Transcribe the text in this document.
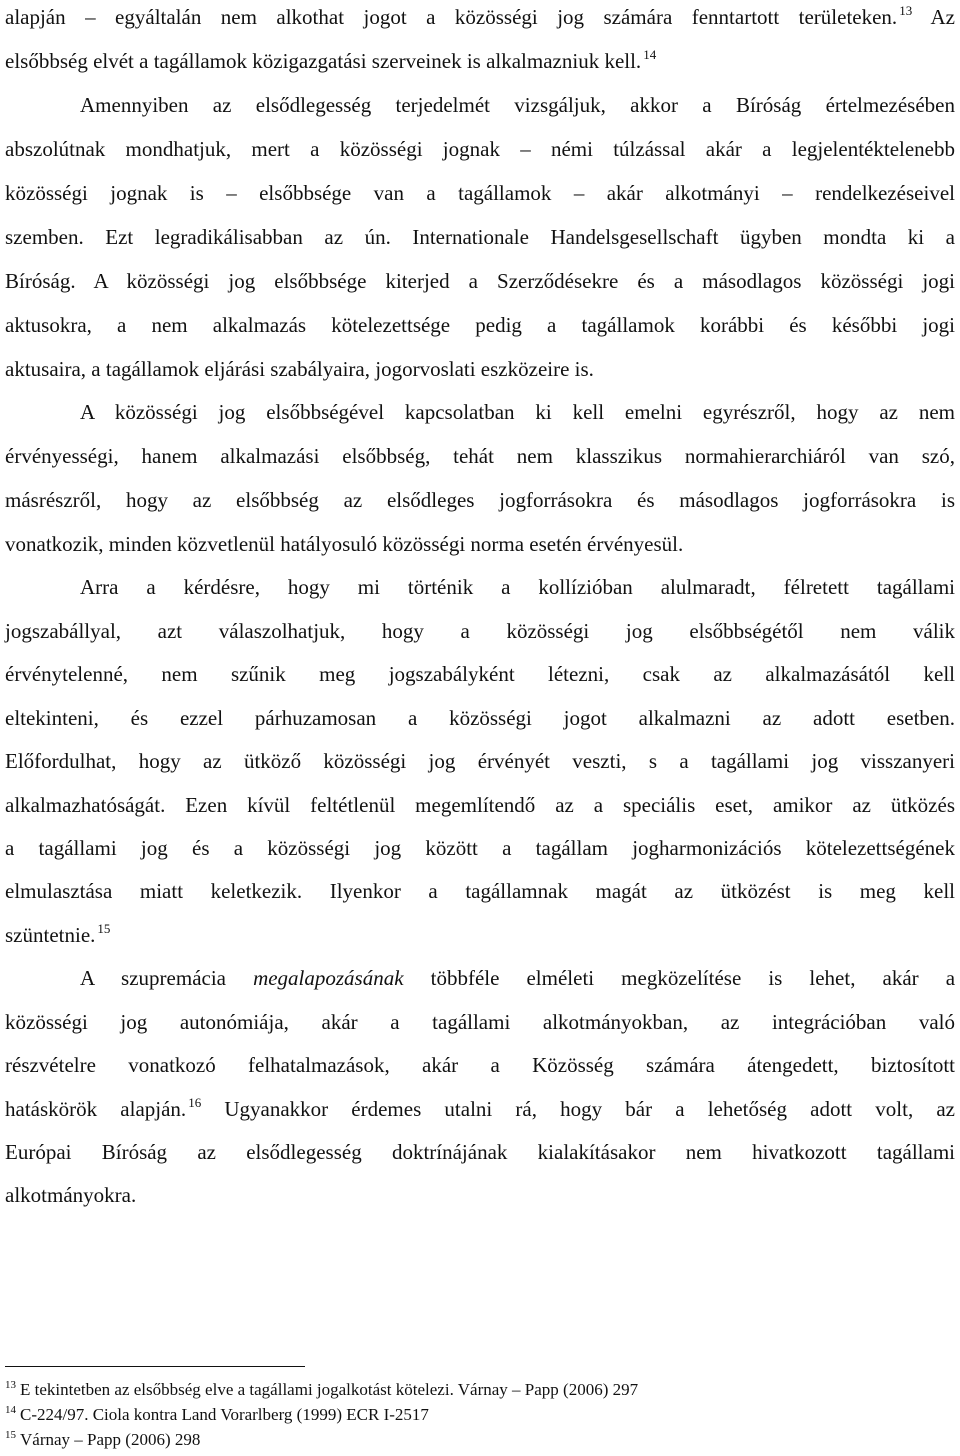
alapján – egyáltalán nem alkothat jogot a közösségi jog számára fenntartott területeken. $^{13}$ Az
elsőbbség elvét a tagállamok közigazgatási szerveinek is alkalmazniuk kell. $^{14}$
Amennyiben az elsődlegesség terjedelmét vizsgáljuk, akkor a Bíróság értelmezésében
abszolútnak mondhatjuk, mert a közösségi jognak – némi túlzással akár a legjelentéktelenebb
közösségi jognak is – elsőbbsége van a tagállamok – akár alkotmányi – rendelkezéseivel
szemben. Ezt legradikálisabban az ún. Internationale Handelsgesellschaft ügyben mondta ki a
Bíróság. A közösségi jog elsőbbsége kiterjed a Szerződésekre és a másodlagos közösségi jogi
aktusokra, a nem alkalmazás kötelezettsége pedig a tagállamok korábbi és későbbi jogi
aktusaira, a tagállamok eljárási szabályaira, jogorvoslati eszközeire is.
A közösségi jog elsőbbségével kapcsolatban ki kell emelni egyrészről, hogy az nem
érvényességi, hanem alkalmazási elsőbbség, tehát nem klasszikus normahierarchiáról van szó,
másrészről, hogy az elsőbbség az elsődleges jogforrásokra és másodlagos jogforrásokra is
vonatkozik, minden közvetlenül hatályosuló közösségi norma esetén érvényesül.
Arra a kérdésre, hogy mi történik a kollízióban alulmaradt, félretett tagállami
jogszabállyal, azt válaszolhatjuk, hogy a közösségi jog elsőbbségétől nem válik
érvénytelenné, nem szűnik meg jogszabályként létezni, csak az alkalmazásától kell
eltekinteni, és ezzel párhuzamosan a közösségi jogot alkalmazni az adott esetben.
Előfordulhat, hogy az ütköző közösségi jog érvényét veszti, s a tagállami jog visszanyeri
alkalmazhatóságát. Ezen kívül feltétlenül megemlítendő az a speciális eset, amikor az ütközés
a tagállami jog és a közösségi jog között a tagállam jogharmonizációs kötelezettségének
elmulasztása miatt keletkezik. Ilyenkor a tagállamnak magát az ütközést is meg kell
szüntetnie. $^{15}$
A szupremácia megalapozásának többféle elméleti megközelítése is lehet, akár a
közösségi jog autonómiája, akár a tagállami alkotmányokban, az integrációban való
részvételre vonatkozó felhatalmazások, akár a Közösség számára átengedett, biztosított
hatáskörök alapján. $^{16}$ Ugyanakkor érdemes utalni rá, hogy bár a lehetőség adott volt, az
Európai Bíróság az elsődlegesség doktrínájának kialakításakor nem hivatkozott tagállami
alkotmányokra.
$^{13}$ E tekintetben az elsőbbség elve a tagállami jogalkotást kötelezi. Várnay – Papp (2006) 297
$^{14}$ C-224/97. Ciola kontra Land Vorarlberg (1999) ECR I-2517
$^{15}$ Várnay – Papp (2006) 298
